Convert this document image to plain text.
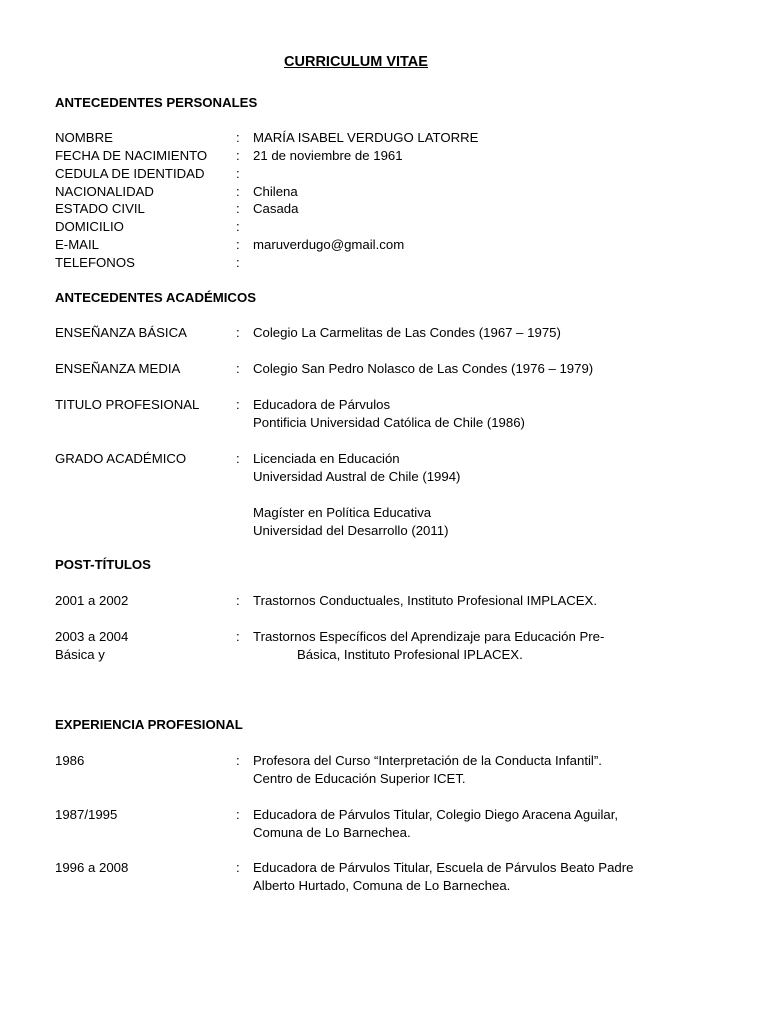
CURRICULUM VITAE
ANTECEDENTES PERSONALES
NOMBRE	: MARÍA ISABEL VERDUGO LATORRE
FECHA DE NACIMIENTO : 21 de noviembre de 1961
CEDULA DE IDENTIDAD :
NACIONALIDAD	: Chilena
ESTADO CIVIL	: Casada
DOMICILIO	:
E-MAIL	: maruverdugo@gmail.com
TELEFONOS	:
ANTECEDENTES ACADÉMICOS
ENSEÑANZA BÁSICA	: Colegio La Carmelitas de Las Condes (1967 – 1975)
ENSEÑANZA MEDIA	: Colegio San Pedro Nolasco de Las Condes (1976 – 1979)
TITULO PROFESIONAL	: Educadora de Párvulos
Pontificia Universidad Católica de Chile (1986)
GRADO ACADÉMICO	: Licenciada en Educación
Universidad Austral de Chile (1994)
Magíster en Política Educativa
Universidad del Desarrollo (2011)
POST-TÍTULOS
2001 a 2002	: Trastornos Conductuales, Instituto Profesional IMPLACEX.
2003 a 2004	: Trastornos Específicos del Aprendizaje para Educación Pre-
Básica y	Básica, Instituto Profesional IPLACEX.
EXPERIENCIA PROFESIONAL
1986	: Profesora del Curso “Interpretación de la Conducta Infantil”.
Centro de Educación Superior ICET.
1987/1995	: Educadora de Párvulos Titular, Colegio Diego Aracena Aguilar,
Comuna de Lo Barnechea.
1996 a 2008	: Educadora de Párvulos Titular, Escuela de Párvulos Beato Padre
Alberto Hurtado, Comuna de Lo Barnechea.
